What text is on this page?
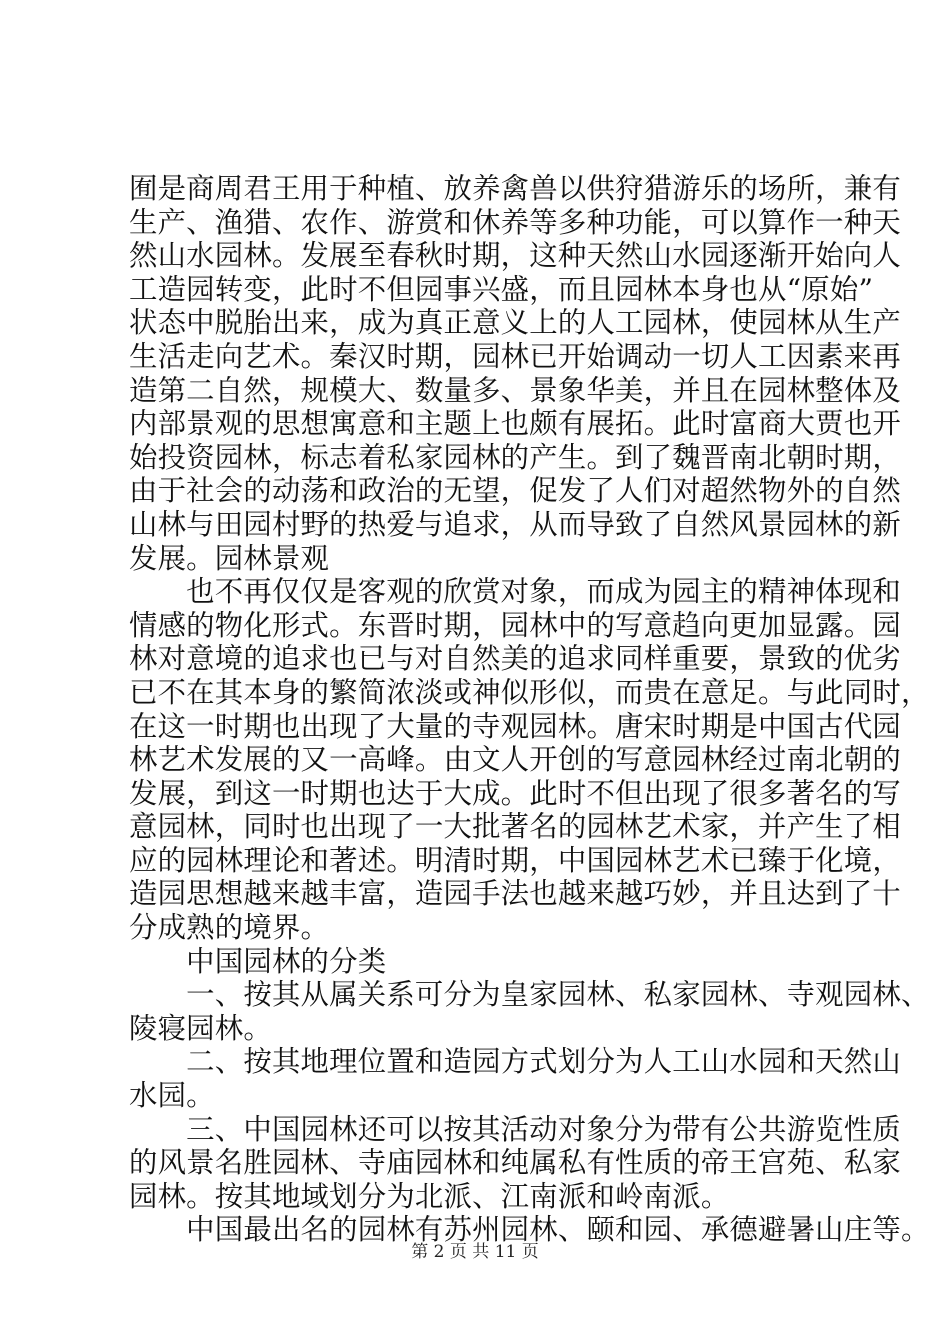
囿是商周君王用于种植、放养禽兽以供狩猎游乐的场所，兼有
生产、渔猎、农作、游赏和休养等多种功能，可以算作一种天
然山水园林。发展至春秋时期，这种天然山水园逐渐开始向人
工造园转变，此时不但园事兴盛，而且园林本身也从“原始”
状态中脱胎出来，成为真正意义上的人工园林，使园林从生产
生活走向艺术。秦汉时期，园林已开始调动一切人工因素来再
造第二自然，规模大、数量多、景象华美，并且在园林整体及
内部景观的思想寓意和主题上也颇有展拓。此时富商大贾也开
始投资园林，标志着私家园林的产生。到了魏晋南北朝时期，
由于社会的动荡和政治的无望，促发了人们对超然物外的自然
山林与田园村野的热爱与追求，从而导致了自然风景园林的新
发展。园林景观
　　也不再仅仅是客观的欣赏对象，而成为园主的精神体现和
情感的物化形式。东晋时期，园林中的写意趋向更加显露。园
林对意境的追求也已与对自然美的追求同样重要，景致的优劣
已不在其本身的繁简浓淡或神似形似，而贵在意足。与此同时，
在这一时期也出现了大量的寺观园林。唐宋时期是中国古代园
林艺术发展的又一高峰。由文人开创的写意园林经过南北朝的
发展，到这一时期也达于大成。此时不但出现了很多著名的写
意园林，同时也出现了一大批著名的园林艺术家，并产生了相
应的园林理论和著述。明清时期，中国园林艺术已臻于化境，
造园思想越来越丰富，造园手法也越来越巧妙，并且达到了十
分成熟的境界。
　　中国园林的分类
　　一、按其从属关系可分为皇家园林、私家园林、寺观园林、
陵寝园林。
　　二、按其地理位置和造园方式划分为人工山水园和天然山
水园。
　　三、中国园林还可以按其活动对象分为带有公共游览性质
的风景名胜园林、寺庙园林和纯属私有性质的帝王宫苑、私家
园林。按其地域划分为北派、江南派和岭南派。
　　中国最出名的园林有苏州园林、颐和园、承德避暑山庄等。
第 2 页 共 11 页
